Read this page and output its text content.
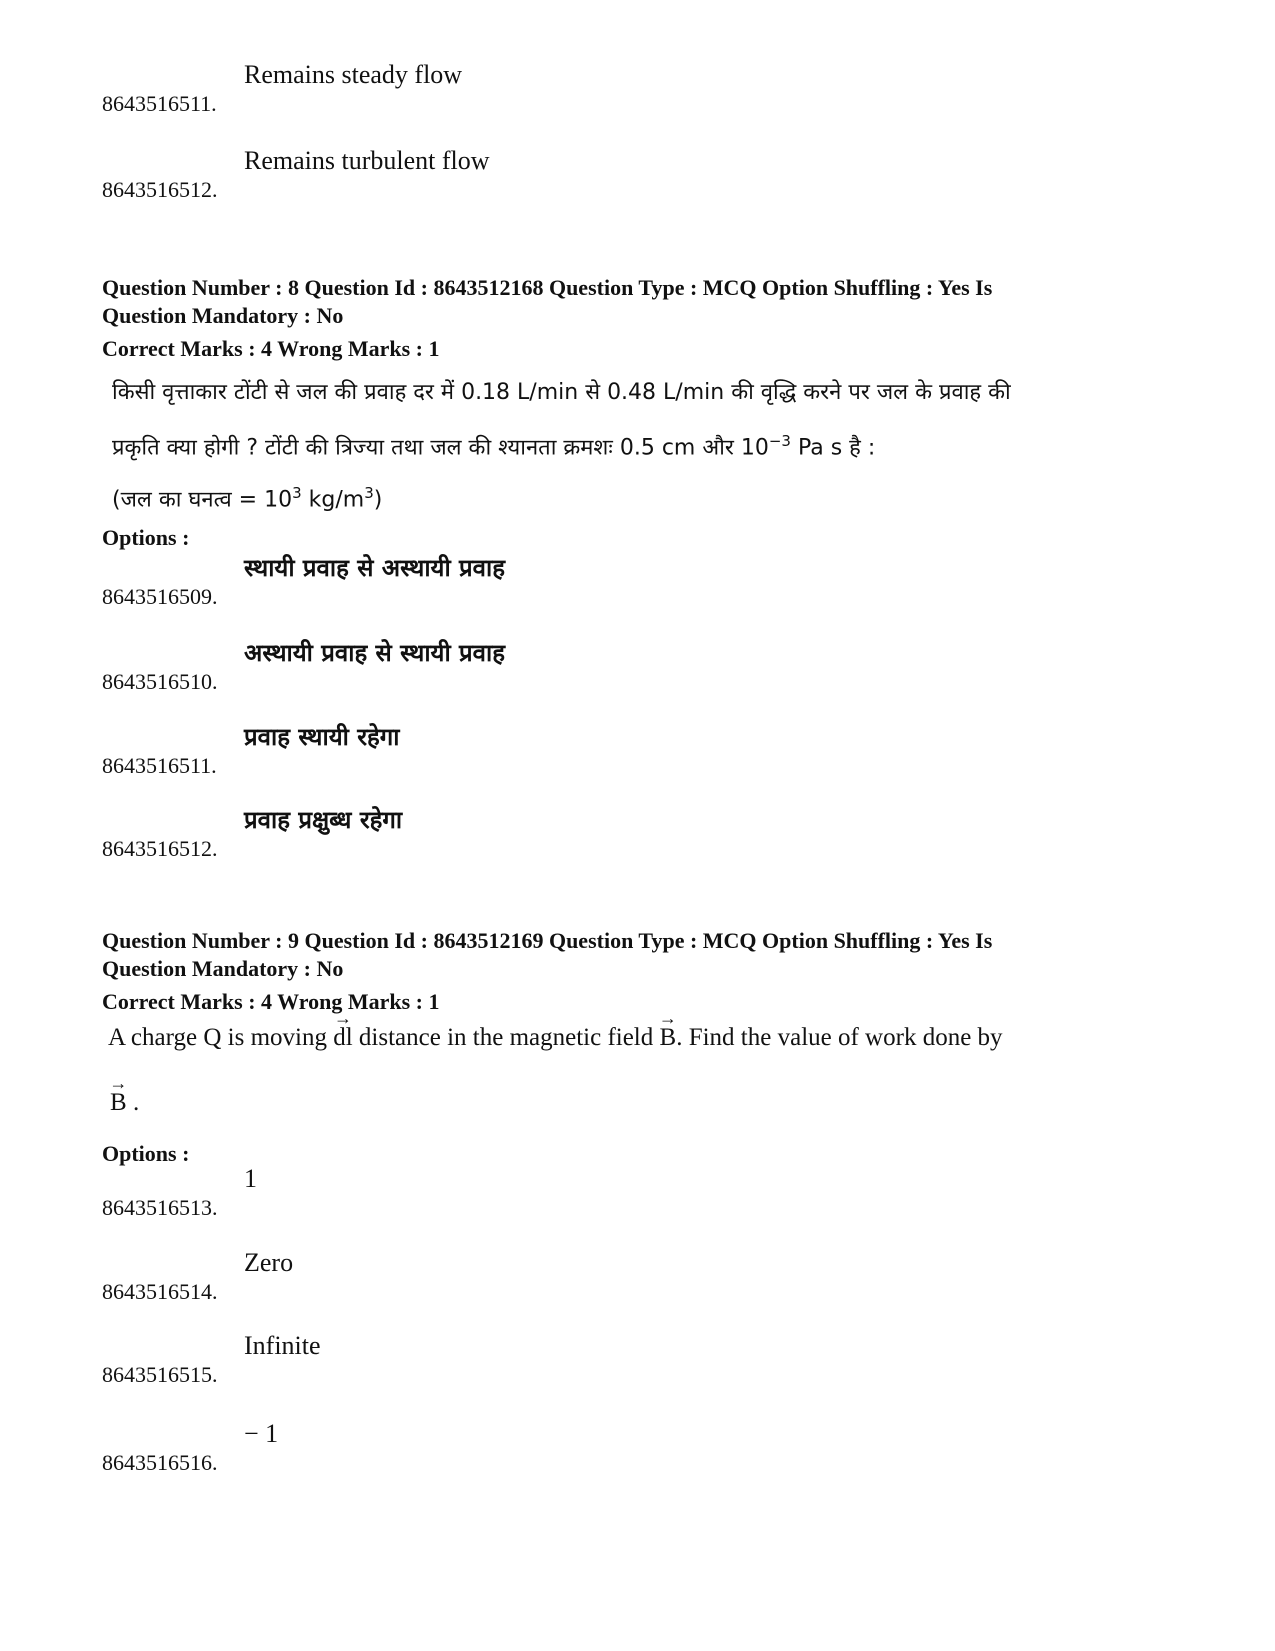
8643516511.
Remains steady flow
8643516512.
Remains turbulent flow
Question Number : 8 Question Id : 8643512168 Question Type : MCQ Option Shuffling : Yes Is
Question Mandatory : No
Correct Marks : 4 Wrong Marks : 1
किसी वृत्ताकार टोंटी से जल की प्रवाह दर में 0.18 L/min से 0.48 L/min की वृद्धि करने पर जल के प्रवाह की
प्रकृति क्या होगी ? टोंटी की त्रिज्या तथा जल की श्यानता क्रमशः 0.5 cm और $10^{-3}$ Pa s है :
(जल का घनत्व = $10^3$ $kg/m^3$)
Options :
8643516509.
स्थायी प्रवाह से अस्थायी प्रवाह
8643516510.
अस्थायी प्रवाह से स्थायी प्रवाह
8643516511.
प्रवाह स्थायी रहेगा
8643516512.
प्रवाह प्रक्षुब्ध रहेगा
Question Number : 9 Question Id : 8643512169 Question Type : MCQ Option Shuffling : Yes Is
Question Mandatory : No
Correct Marks : 4 Wrong Marks : 1
A charge Q is moving → dl distance in the magnetic field → B. Find the value of work done by
→ B .
Options :
8643516513.
1
8643516514.
Zero
8643516515.
Infinite
8643516516.
− 1
